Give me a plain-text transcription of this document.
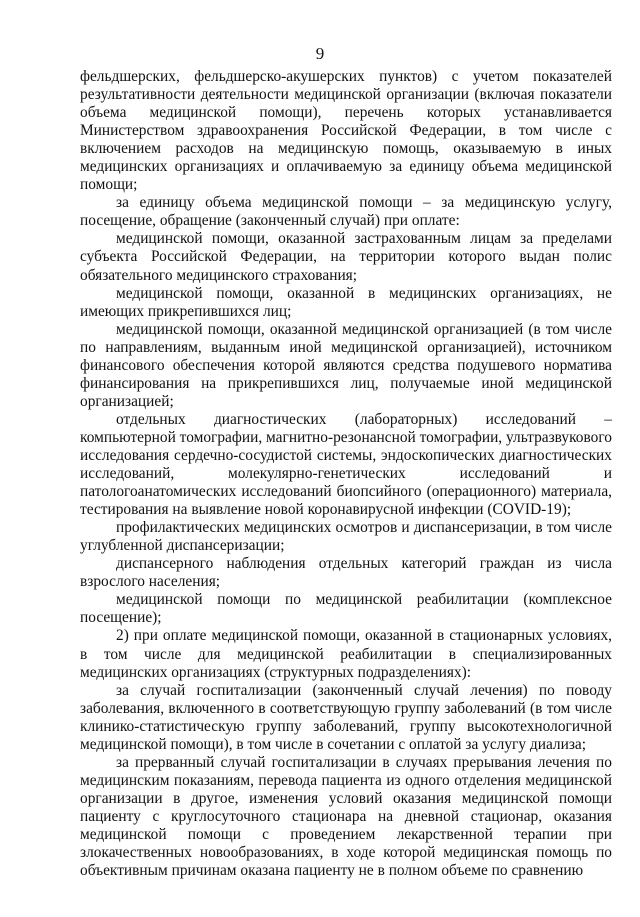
9

фельдшерских, фельдшерско-акушерских пунктов) с учетом показателей результативности деятельности медицинской организации (включая показатели объема медицинской помощи), перечень которых устанавливается Министерством здравоохранения Российской Федерации, в том числе с включением расходов на медицинскую помощь, оказываемую в иных медицинских организациях и оплачиваемую за единицу объема медицинской помощи;

за единицу объема медицинской помощи – за медицинскую услугу, посещение, обращение (законченный случай) при оплате:

медицинской помощи, оказанной застрахованным лицам за пределами субъекта Российской Федерации, на территории которого выдан полис обязательного медицинского страхования;

медицинской помощи, оказанной в медицинских организациях, не имеющих прикрепившихся лиц;

медицинской помощи, оказанной медицинской организацией (в том числе по направлениям, выданным иной медицинской организацией), источником финансового обеспечения которой являются средства подушевого норматива финансирования на прикрепившихся лиц, получаемые иной медицинской организацией;

отдельных диагностических (лабораторных) исследований – компьютерной томографии, магнитно-резонансной томографии, ультразвукового исследования сердечно-сосудистой системы, эндоскопических диагностических исследований, молекулярно-генетических исследований и патологоанатомических исследований биопсийного (операционного) материала, тестирования на выявление новой коронавирусной инфекции (COVID-19);

профилактических медицинских осмотров и диспансеризации, в том числе углубленной диспансеризации;

диспансерного наблюдения отдельных категорий граждан из числа взрослого населения;

медицинской помощи по медицинской реабилитации (комплексное посещение);

2) при оплате медицинской помощи, оказанной в стационарных условиях, в том числе для медицинской реабилитации в специализированных медицинских организациях (структурных подразделениях):

за случай госпитализации (законченный случай лечения) по поводу заболевания, включенного в соответствующую группу заболеваний (в том числе клинико-статистическую группу заболеваний, группу высокотехнологичной медицинской помощи), в том числе в сочетании с оплатой за услугу диализа;

за прерванный случай госпитализации в случаях прерывания лечения по медицинским показаниям, перевода пациента из одного отделения медицинской организации в другое, изменения условий оказания медицинской помощи пациенту с круглосуточного стационара на дневной стационар, оказания медицинской помощи с проведением лекарственной терапии при злокачественных новообразованиях, в ходе которой медицинская помощь по объективным причинам оказана пациенту не в полном объеме по сравнению
